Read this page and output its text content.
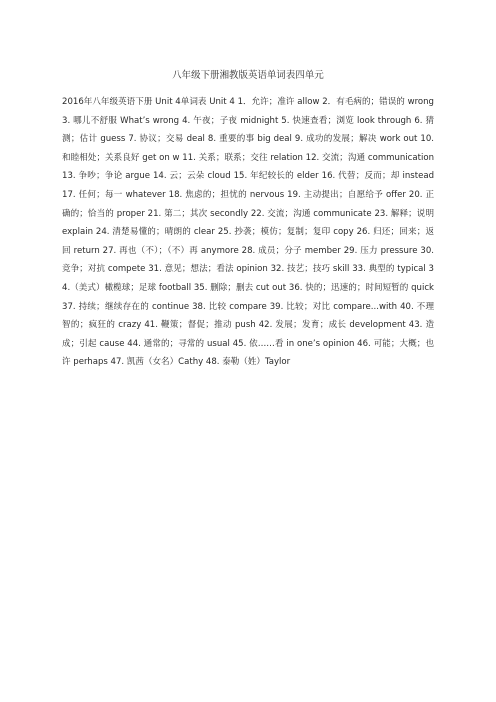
八年级下册湘教版英语单词表四单元

2016年八年级英语下册 Unit 4单词表 Unit 4 1．允许；准许 allow 2．有毛病的；错误的 wrong 3. 哪儿不舒服 What’s wrong 4. 午夜；子夜 midnight 5. 快速查看；浏览 look through 6. 猜测；估计 guess 7. 协议；交易 deal 8. 重要的事 big deal 9. 成功的发展；解决 work out 10. 和睦相处；关系良好 get on w 11. 关系；联系；交往 relation 12. 交流；沟通 communication 13. 争吵；争论 argue 14. 云；云朵 cloud 15. 年纪较长的 elder 16. 代替；反而；却 instead 17. 任何；每一 whatever 18. 焦虑的；担忧的 nervous 19. 主动提出；自愿给予 offer 20. 正确的；恰当的 proper 21. 第二；其次 secondly 22. 交流；沟通 communicate 23. 解释；说明 explain 24. 清楚易懂的；晴朗的 clear 25. 抄袭；模仿；复制；复印 copy 26. 归还；回来；返回 return 27. 再也（不）；（不）再 anymore 28. 成员；分子 member 29. 压力 pressure 30. 竞争；对抗 compete 31. 意见；想法；看法 opinion 32. 技艺；技巧 skill 33. 典型的 typical 34.（美式）橄榄球；足球 football 35. 删除；删去 cut out 36. 快的；迅速的；时间短暂的 quick 37. 持续；继续存在的 continue 38. 比较 compare 39. 比较；对比 compare...with 40. 不理智的；疯狂的 crazy 41. 鞭策；督促；推动 push 42. 发展；发育；成长 development 43. 造成；引起 cause 44. 通常的；寻常的 usual 45. 依……看 in one’s opinion 46. 可能；大概；也许 perhaps 47. 凯茜（女名）Cathy 48. 泰勒（姓）Taylor
